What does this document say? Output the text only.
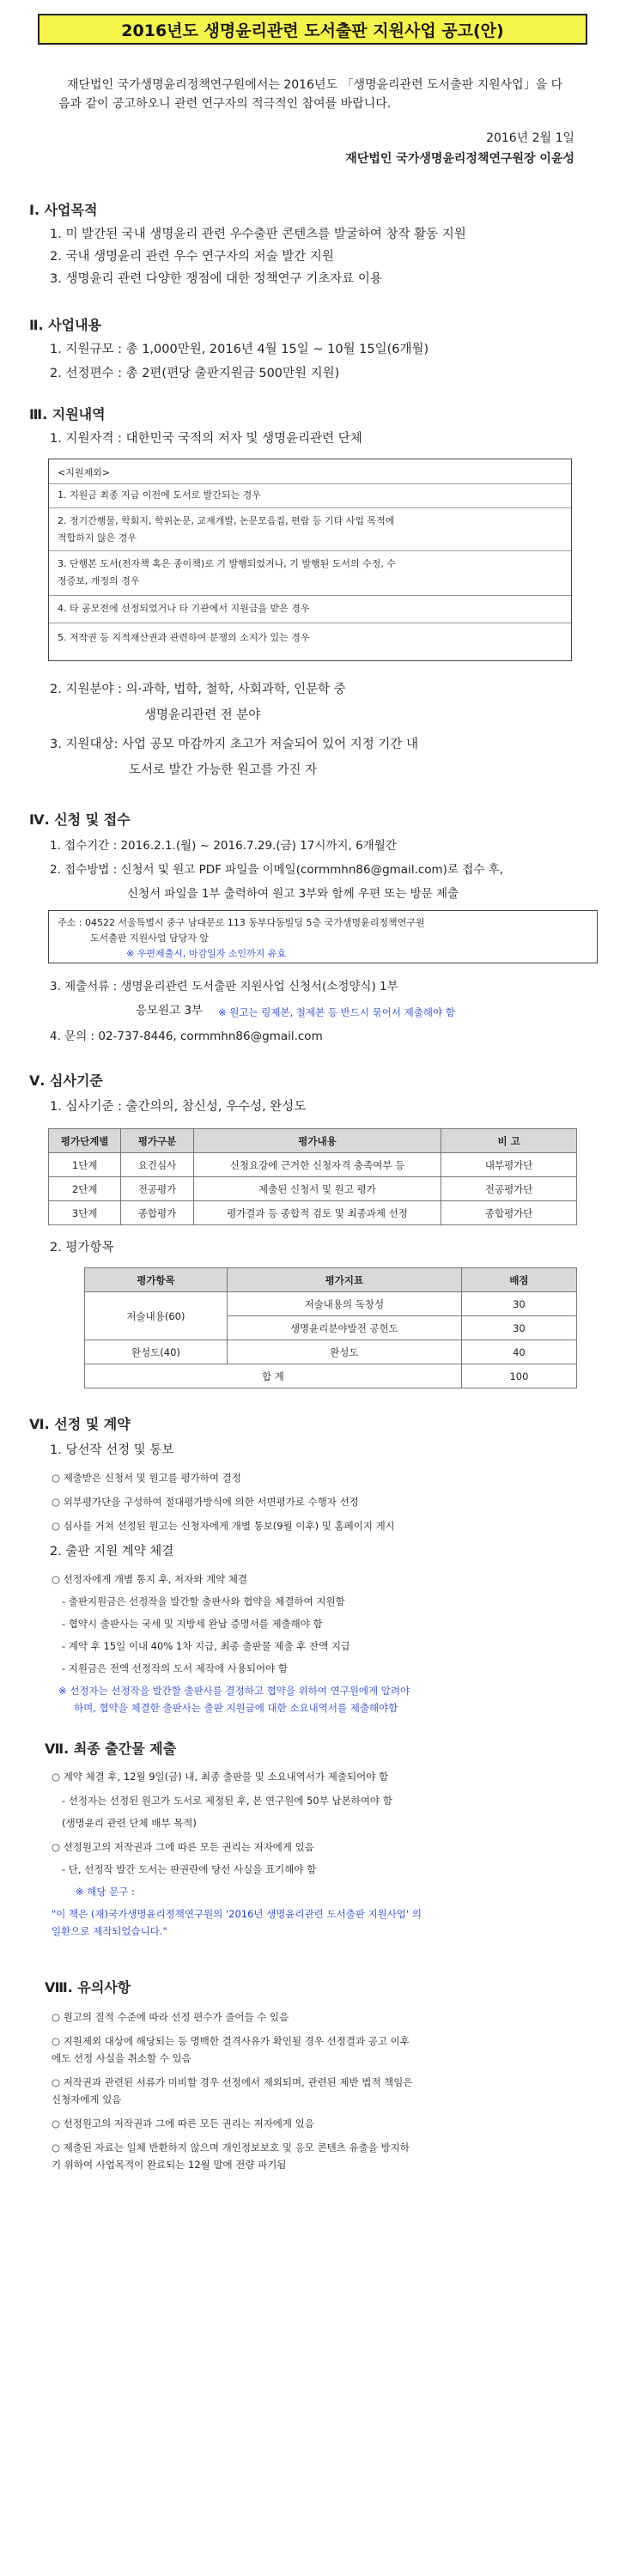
2016년도 생명윤리관련 도서출판 지원사업 공고(안)
재단법인 국가생명윤리정책연구원에서는 2016년도 「생명윤리관련 도서출판 지원사업」을 다음과 같이 공고하오니 관련 연구자의 적극적인 참여를 바랍니다.
2016년 2월 1일
재단법인 국가생명윤리정책연구원장 이윤성
Ⅰ. 사업목적
1. 미 발간된 국내 생명윤리 관련 우수출판 콘텐츠를 발굴하여 창작 활동 지원
2. 국내 생명윤리 관련 우수 연구자의 저술 발간 지원
3. 생명윤리 관련 다양한 쟁점에 대한 정책연구 기초자료 이용
Ⅱ. 사업내용
1. 지원규모 : 총 1,000만원, 2016년 4월 15일 ~ 10월 15일(6개월)
2. 선정편수 : 총 2편(편당 출판지원금 500만원 지원)
Ⅲ. 지원내역
1. 지원자격 : 대한민국 국적의 저자 및 생명윤리관련 단체
<지원제외>
1. 지원금 최종 지급 이전에 도서로 발간되는 경우
2. 정기간행물, 학회지, 학위논문, 교재개발, 논문모음집, 편람 등 기타 사업 목적에
적합하지 않은 경우
3. 단행본 도서(전자책 혹은 종이책)로 기 발행되었거나, 기 발행된 도서의 수정, 수
정증보, 개정의 경우
4. 타 공모전에 선정되었거나 타 기관에서 지원금을 받은 경우
5. 저작권 등 지적재산권과 관련하여 분쟁의 소지가 있는 경우
2. 지원분야 : 의·과학, 법학, 철학, 사회과학, 인문학 중
생명윤리관련 전 분야
3. 지원대상: 사업 공모 마감까지 초고가 저술되어 있어 지정 기간 내
도서로 발간 가능한 원고를 가진 자
Ⅳ. 신청 및 접수
1. 접수기간 : 2016.2.1.(월) ~ 2016.7.29.(금) 17시까지, 6개월간
2. 접수방법 : 신청서 및 원고 PDF 파일을 이메일(cormmhn86@gmail.com)로 접수 후,
신청서 파일을 1부 출력하여 원고 3부와 함께 우편 또는 방문 제출
주소 : 04522 서울특별시 중구 남대문로 113 동부다동빌딩 5층 국가생명윤리정책연구원
도서출판 지원사업 담당자 앞
※ 우편제출시, 마감일자 소인까지 유효
3. 제출서류 : 생명윤리관련 도서출판 지원사업 신청서(소정양식) 1부
응모원고 3부 ※ 원고는 링제본, 철제본 등 반드시 묶어서 제출해야 함
4. 문의 : 02-737-8446, cormmhn86@gmail.com
Ⅴ. 심사기준
1. 심사기준 : 출간의의, 참신성, 우수성, 완성도
평가단계별	평가구분	평가내용	비 고
1단계	요건심사	신청요강에 근거한 신청자격 충족여부 등	내부평가단
2단계	전공평가	제출된 신청서 및 원고 평가	전공평가단
3단계	종합평가	평가결과 등 종합적 검토 및 최종과제 선정	종합평가단
2. 평가항목
평가항목	평가지표	배점
저술내용(60)	저술내용의 독창성	30
	생명윤리분야발전 공헌도	30
완성도(40)	완성도	40
합 계		100
Ⅵ. 선정 및 계약
1. 당선작 선정 및 통보
○ 제출받은 신청서 및 원고를 평가하여 결정
○ 외부평가단을 구성하여 절대평가방식에 의한 서면평가로 수행자 선정
○ 심사를 거쳐 선정된 원고는 신청자에게 개별 통보(9월 이후) 및 홈페이지 게시
2. 출판 지원 계약 체결
○ 선정자에게 개별 통지 후, 저자와 계약 체결
- 출판지원금은 선정작을 발간할 출판사와 협약을 체결하여 지원함
- 협약시 출판사는 국세 및 지방세 완납 증명서를 제출해야 함
- 계약 후 15일 이내 40% 1차 지급, 최종 출판물 제출 후 잔액 지급
- 지원금은 전액 선정작의 도서 제작에 사용되어야 함
※ 선정자는 선정작을 발간할 출판사를 결정하고 협약을 위하여 연구원에게 알려야
하며, 협약을 체결한 출판사는 출판 지원금에 대한 소요내역서를 제출해야함
Ⅶ. 최종 출간물 제출
○ 계약 체결 후, 12월 9일(금) 내, 최종 출판물 및 소요내역서가 제출되어야 함
- 선정자는 선정된 원고가 도서로 제정된 후, 본 연구원에 50부 납본하여야 함
(생명윤리 관련 단체 배부 목적)
○ 선정원고의 저작권과 그에 따른 모든 권리는 저자에게 있음
- 단, 선정작 발간 도서는 판권란에 당선 사실을 표기해야 함
※ 해당 문구 :
"이 책은 (재)국가생명윤리정책연구원의 '2016년 생명윤리관련 도서출판 지원사업' 의
일환으로 제작되었습니다."
Ⅷ. 유의사항
○ 원고의 질적 수준에 따라 선정 편수가 줄어들 수 있음
○ 지원제외 대상에 해당되는 등 명백한 결격사유가 확인될 경우 선정결과 공고 이후
에도 선정 사실을 취소할 수 있음
○ 저작권과 관련된 서류가 미비할 경우 선정에서 제외되며, 관련된 제반 법적 책임은
신청자에게 있음
○ 선정원고의 저작권과 그에 따른 모든 권리는 저자에게 있음
○ 제출된 자료는 일체 반환하지 않으며 개인정보보호 및 응모 콘텐츠 유출을 방지하
기 위하여 사업목적이 완료되는 12월 말에 전량 파기됨
